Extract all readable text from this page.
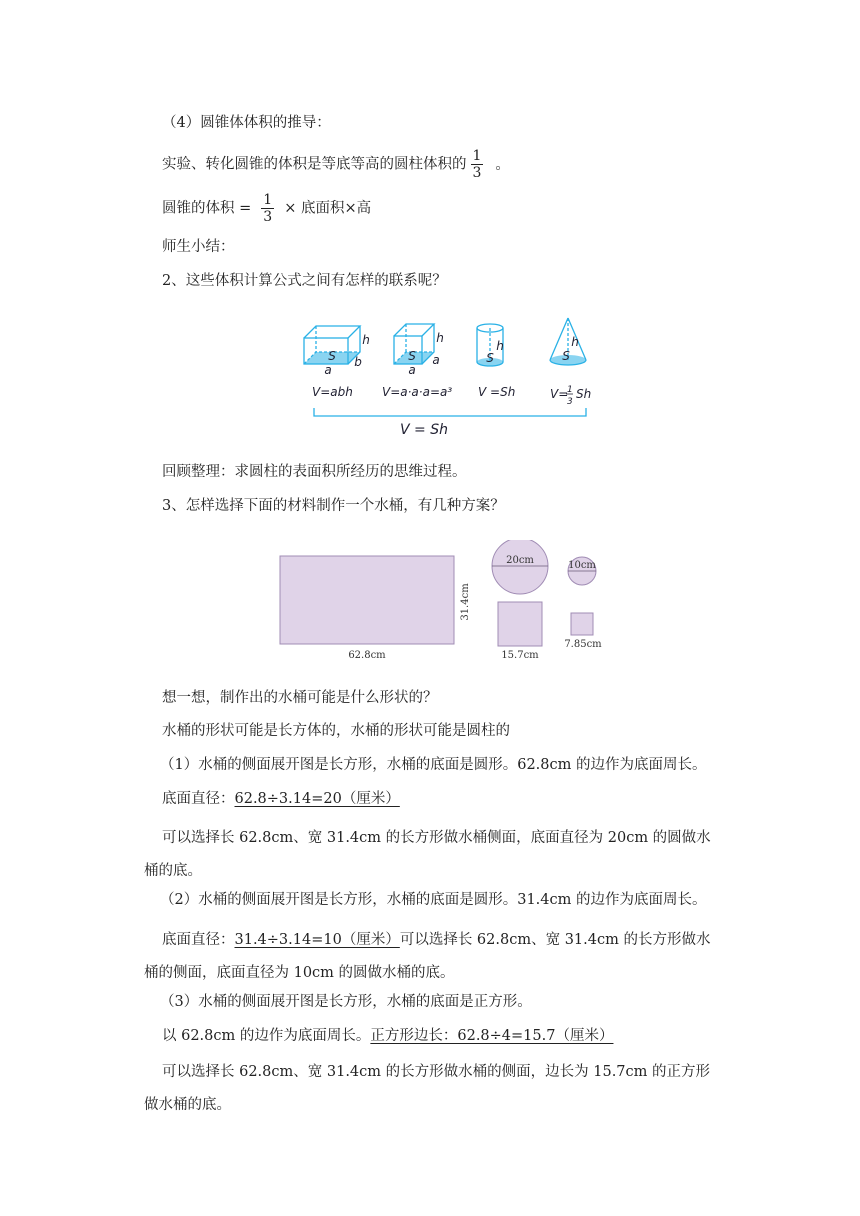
（4）圆锥体体积的推导：
实验、转化圆锥的体积是等底等高的圆柱体积的 $\frac{1}{3}$ 。
圆锥的体积 = $\frac{1}{3}$ × 底面积×高
师生小结：
2、这些体积计算公式之间有怎样的联系呢？
S
h
b
a
S
h
a
a
S
h
S
h
V=abh V=a·a·a=a³ V =Sh	V=
1
3
Sh
V = Sh
回顾整理：求圆柱的表面积所经历的思维过程。
3、怎样选择下面的材料制作一个水桶，有几种方案？
62.8cm
31.4cm
20cm	10cm
15.7cm
7.85cm
想一想，制作出的水桶可能是什么形状的？
水桶的形状可能是长方体的，水桶的形状可能是圆柱的
（1）水桶的侧面展开图是长方形，水桶的底面是圆形。62.8cm 的边作为底面周长。
底面直径：62.8÷3.14=20（厘米）
可以选择长 62.8cm、宽 31.4cm 的长方形做水桶侧面，底面直径为 20cm 的圆做水桶的底。
（2）水桶的侧面展开图是长方形，水桶的底面是圆形。31.4cm 的边作为底面周长。
底面直径：31.4÷3.14=10（厘米）可以选择长 62.8cm、宽 31.4cm 的长方形做水桶的侧面，底面直径为 10cm 的圆做水桶的底。
（3）水桶的侧面展开图是长方形，水桶的底面是正方形。
以 62.8cm 的边作为底面周长。正方形边长：62.8÷4=15.7（厘米）
可以选择长 62.8cm、宽 31.4cm 的长方形做水桶的侧面，边长为 15.7cm 的正方形做水桶的底。
